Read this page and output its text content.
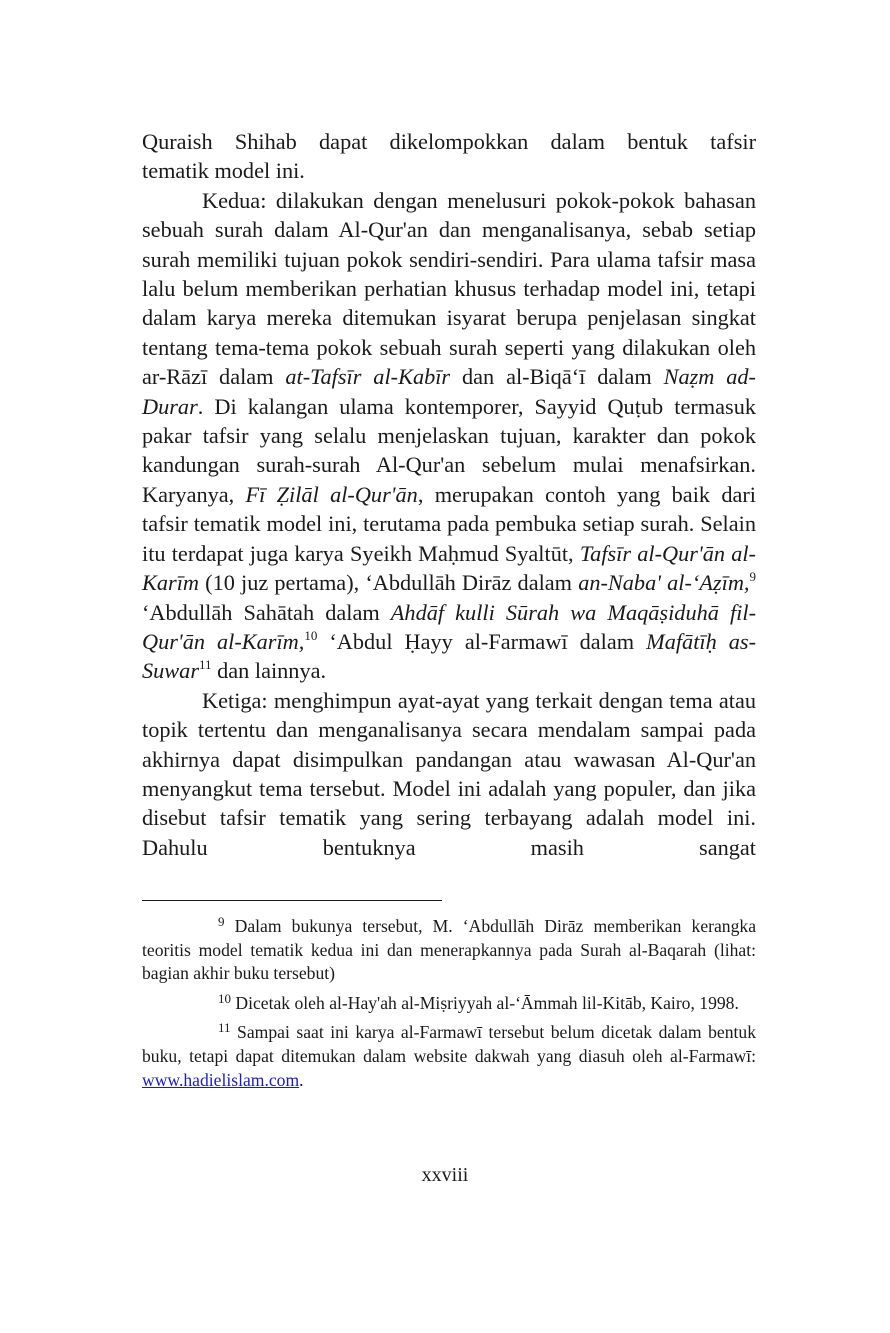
Quraish Shihab dapat dikelompokkan dalam bentuk tafsir
tematik model ini.

Kedua: dilakukan dengan menelusuri pokok-pokok bahasan sebuah surah dalam Al-Qur'an dan menganalisanya, sebab setiap surah memiliki tujuan pokok sendiri-sendiri. Para ulama tafsir masa lalu belum memberikan perhatian khusus terhadap model ini, tetapi dalam karya mereka ditemukan isyarat berupa penjelasan singkat tentang tema-tema pokok sebuah surah seperti yang dilakukan oleh ar-Rāzī dalam at-Tafsīr al-Kabīr dan al-Biqā‘ī dalam Naẓm ad-Durar. Di kalangan ulama kontemporer, Sayyid Quṭub termasuk pakar tafsir yang selalu menjelaskan tujuan, karakter dan pokok kandungan surah-surah Al-Qur'an sebelum mulai menafsirkan. Karyanya, Fī Ẓilāl al-Qur'ān, merupakan contoh yang baik dari tafsir tematik model ini, terutama pada pembuka setiap surah. Selain itu terdapat juga karya Syeikh Maḥmud Syaltūt, Tafsīr al-Qur'ān al-Karīm (10 juz pertama), ‘Abdullāh Dirāz dalam an-Naba' al-‘Aẓīm,$^9$ ‘Abdullāh Sahātah dalam Ahdāf kulli Sūrah wa Maqāṣiduhā fil-Qur'ān al-Karīm,$^{10}$ ‘Abdul Ḥayy al-Farmawī dalam Mafātīḥ as-Suwar$^{11}$ dan lainnya.

Ketiga: menghimpun ayat-ayat yang terkait dengan tema atau topik tertentu dan menganalisanya secara mendalam sampai pada akhirnya dapat disimpulkan pandangan atau wawasan Al-Qur'an menyangkut tema tersebut. Model ini adalah yang populer, dan jika disebut tafsir tematik yang sering terbayang adalah model ini. Dahulu bentuknya masih sangat

$^9$ Dalam bukunya tersebut, M. ‘Abdullāh Dirāz memberikan kerangka teoritis model tematik kedua ini dan menerapkannya pada Surah al-Baqarah (lihat: bagian akhir buku tersebut)

$^{10}$ Dicetak oleh al-Hay'ah al-Miṣriyyah al-‘Āmmah lil-Kitāb, Kairo, 1998.

$^{11}$ Sampai saat ini karya al-Farmawī tersebut belum dicetak dalam bentuk buku, tetapi dapat ditemukan dalam website dakwah yang diasuh oleh al-Farmawī: www.hadielislam.com.

xxviii
